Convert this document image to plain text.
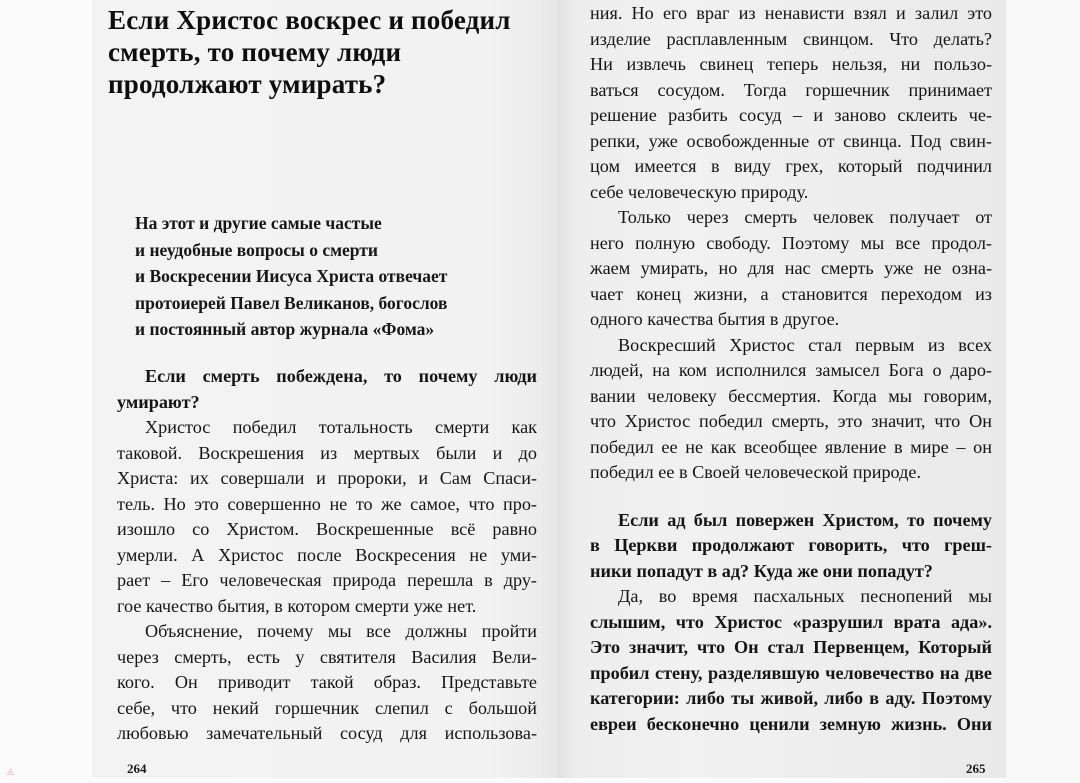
Если Христос воскрес и победил
смерть, то почему люди
продолжают умирать?
На этот и другие самые частые
и неудобные вопросы о смерти
и Воскресении Иисуса Христа отвечает
протоиерей Павел Великанов, богослов
и постоянный автор журнала «Фома»
Если смерть побеждена, то почему люди
умирают?
Христос победил тотальность смерти как
таковой. Воскрешения из мертвых были и до
Христа: их совершали и пророки, и Сам Спаси-
тель. Но это совершенно не то же самое, что про-
изошло со Христом. Воскрешенные всё равно
умерли. А Христос после Воскресения не уми-
рает – Его человеческая природа перешла в дру-
гое качество бытия, в котором смерти уже нет.
Объяснение, почему мы все должны пройти
через смерть, есть у святителя Василия Вели-
кого. Он приводит такой образ. Представьте
себе, что некий горшечник слепил с большой
любовью замечательный сосуд для использова-
264
ния. Но его враг из ненависти взял и залил это
изделие расплавленным свинцом. Что делать?
Ни извлечь свинец теперь нельзя, ни пользо-
ваться сосудом. Тогда горшечник принимает
решение разбить сосуд – и заново склеить че-
репки, уже освобожденные от свинца. Под свин-
цом имеется в виду грех, который подчинил
себе человеческую природу.
Только через смерть человек получает от
него полную свободу. Поэтому мы все продол-
жаем умирать, но для нас смерть уже не озна-
чает конец жизни, а становится переходом из
одного качества бытия в другое.
Воскресший Христос стал первым из всех
людей, на ком исполнился замысел Бога о даро-
вании человеку бессмертия. Когда мы говорим,
что Христос победил смерть, это значит, что Он
победил ее не как всеобщее явление в мире – он
победил ее в Своей человеческой природе.
Если ад был повержен Христом, то почему
в Церкви продолжают говорить, что греш-
ники попадут в ад? Куда же они попадут?
Да, во время пасхальных песнопений мы
слышим, что Христос «разрушил врата ада».
Это значит, что Он стал Первенцем, Который
пробил стену, разделявшую человечество на две
категории: либо ты живой, либо в аду. Поэтому
евреи бесконечно ценили земную жизнь. Они
265
◬
